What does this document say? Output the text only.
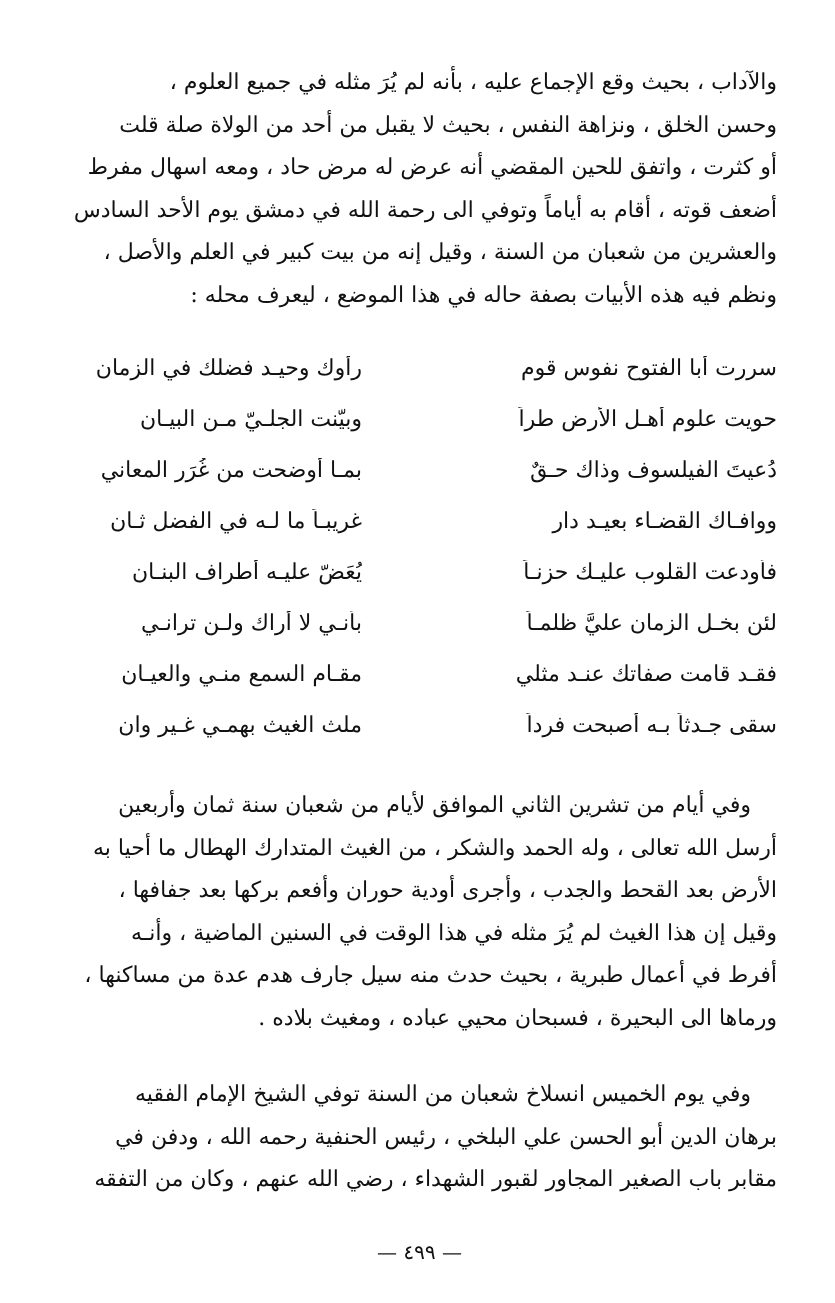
والآداب ، بحيث وقع الإجماع عليه ، بأنه لم يُرَ مثله في جميع العلوم ،
وحسن الخلق ، ونزاهة النفس ، بحيث لا يقبل من أحد من الولاة صلة قلت
أو كثرت ، واتفق للحين المقضي أنه عرض له مرض حاد ، ومعه اسهال مفرط
أضعف قوته ، أقام به أياماً وتوفي الى رحمة الله في دمشق يوم الأحد السادس
والعشرين من شعبان من السنة ، وقيل إنه من بيت كبير في العلم والأصل ،
ونظم فيه هذه الأبيات بصفة حاله في هذا الموضع ، ليعرف محله :
سررت أبا الفتوح نفوس قوم
رأوك وحيـد فضلك في الزمان
حويت علوم أهـل الأرض طراً
وبيّنت الجلـيّ مـن البيـان
دُعيتَ الفيلسوف وذاك حـقٌ
بمـا أوضحت من غُرَر المعاني
ووافـاك القضـاء بعيـد دار
غريبـاً ما لـه في الفضل ثـان
فأودعت القلوب عليـك حزنـاً
يُعَضّ عليـه أطراف البنـان
لئن بخـل الزمان عليَّ ظلمـاً
بأنـي لا أراك ولـن ترانـي
فقـد قامت صفاتك عنـد مثلي
مقـام السمع منـي والعيـان
سقى جـدثاً بـه أصبحت فرداً
ملث الغيث بهمـي غـير وان
وفي أيام من تشرين الثاني الموافق لأيام من شعبان سنة ثمان وأربعين
أرسل الله تعالى ، وله الحمد والشكر ، من الغيث المتدارك الهطال ما أحيا به
الأرض بعد القحط والجدب ، وأجرى أودية حوران وأفعم بركها بعد جفافها ،
وقيل إن هذا الغيث لم يُرَ مثله في هذا الوقت في السنين الماضية ، وأنـه
أفرط في أعمال طبرية ، بحيث حدث منه سيل جارف هدم عدة من مساكنها ،
ورماها الى البحيرة ، فسبحان محيي عباده ، ومغيث بلاده .
وفي يوم الخميس انسلاخ شعبان من السنة توفي الشيخ الإمام الفقيه
برهان الدين أبو الحسن علي البلخي ، رئيس الحنفية رحمه الله ، ودفن في
مقابر باب الصغير المجاور لقبور الشهداء ، رضي الله عنهم ، وكان من التفقه
— ٤٩٩ —
